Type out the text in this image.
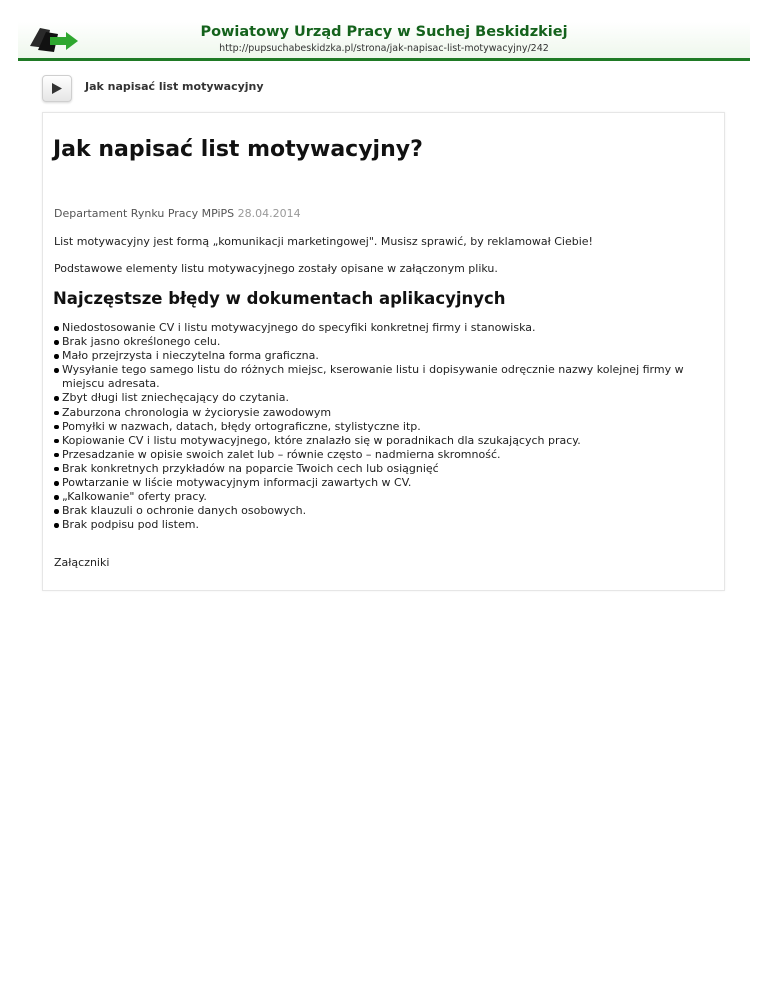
Powiatowy Urząd Pracy w Suchej Beskidzkiej
http://pupsuchabeskidzka.pl/strona/jak-napisac-list-motywacyjny/242
Jak napisać list motywacyjny
Jak napisać list motywacyjny?
Departament Rynku Pracy MPiPS 28.04.2014
List motywacyjny jest formą „komunikacji marketingowej". Musisz sprawić, by reklamował Ciebie!
Podstawowe elementy listu motywacyjnego zostały opisane w załączonym pliku.
Najczęstsze błędy w dokumentach aplikacyjnych
Niedostosowanie CV i listu motywacyjnego do specyfiki konkretnej firmy i stanowiska.
Brak jasno określonego celu.
Mało przejrzysta i nieczytelna forma graficzna.
Wysyłanie tego samego listu do różnych miejsc, kserowanie listu i dopisywanie odręcznie nazwy kolejnej firmy w miejscu adresata.
Zbyt długi list zniechęcający do czytania.
Zaburzona chronologia w życiorysie zawodowym
Pomyłki w nazwach, datach, błędy ortograficzne, stylistyczne itp.
Kopiowanie CV i listu motywacyjnego, które znalazło się w poradnikach dla szukających pracy.
Przesadzanie w opisie swoich zalet lub – równie często – nadmierna skromność.
Brak konkretnych przykładów na poparcie Twoich cech lub osiągnięć
Powtarzanie w liście motywacyjnym informacji zawartych w CV.
„Kalkowanie" oferty pracy.
Brak klauzuli o ochronie danych osobowych.
Brak podpisu pod listem.
Załączniki
